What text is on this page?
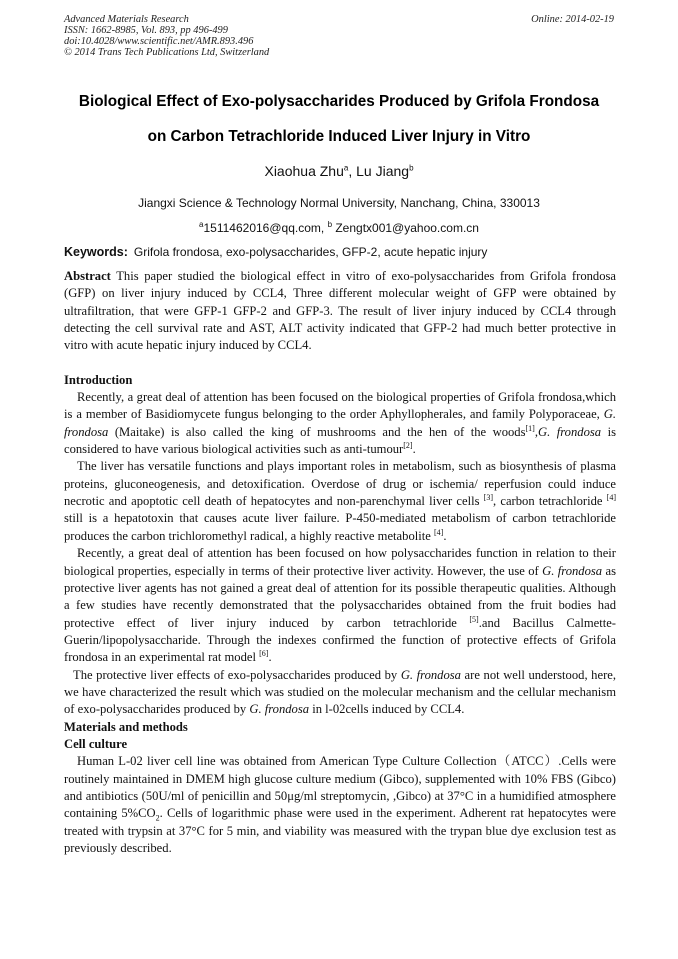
Advanced Materials Research
ISSN: 1662-8985, Vol. 893, pp 496-499
doi:10.4028/www.scientific.net/AMR.893.496
© 2014 Trans Tech Publications Ltd, Switzerland
Online: 2014-02-19
Biological Effect of Exo-polysaccharides Produced by Grifola Frondosa
on Carbon Tetrachloride Induced Liver Injury in Vitro
Xiaohua Zhu$^a$, Lu Jiang$^b$
Jiangxi Science & Technology Normal University, Nanchang, China, 330013
$^a$1511462016@qq.com, $^b$ Zengtx001@yahoo.com.cn
Keywords: Grifola frondosa, exo-polysaccharides, GFP-2, acute hepatic injury

Abstract This paper studied the biological effect in vitro of exo-polysaccharides from Grifola frondosa (GFP) on liver injury induced by CCL4, Three different molecular weight of GFP were obtained by ultrafiltration, that were GFP-1 GFP-2 and GFP-3. The result of liver injury induced by CCL4 through detecting the cell survival rate and AST, ALT activity indicated that GFP-2 had much better protective in vitro with acute hepatic injury induced by CCL4.

Introduction

Recently, a great deal of attention has been focused on the biological properties of Grifola frondosa,which is a member of Basidiomycete fungus belonging to the order Aphyllopherales, and family Polyporaceae, G. frondosa (Maitake) is also called the king of mushrooms and the hen of the woods[1],G. frondosa is considered to have various biological activities such as anti-tumour[2].

The liver has versatile functions and plays important roles in metabolism, such as biosynthesis of plasma proteins, gluconeogenesis, and detoxification. Overdose of drug or ischemia/ reperfusion could induce necrotic and apoptotic cell death of hepatocytes and non-parenchymal liver cells [3], carbon tetrachloride [4] still is a hepatotoxin that causes acute liver failure. P-450-mediated metabolism of carbon tetrachloride produces the carbon trichloromethyl radical, a highly reactive metabolite [4].

Recently, a great deal of attention has been focused on how polysaccharides function in relation to their biological properties, especially in terms of their protective liver activity. However, the use of G. frondosa as protective liver agents has not gained a great deal of attention for its possible therapeutic qualities. Although a few studies have recently demonstrated that the polysaccharides obtained from the fruit bodies had protective effect of liver injury induced by carbon tetrachloride [5].and Bacillus Calmette-Guerin/lipopolysaccharide. Through the indexes confirmed the function of protective effects of Grifola frondosa in an experimental rat model [6].

The protective liver effects of exo-polysaccharides produced by G. frondosa are not well understood, here, we have characterized the result which was studied on the molecular mechanism and the cellular mechanism of exo-polysaccharides produced by G. frondosa in l-02cells induced by CCL4.

Materials and methods

Cell culture

Human L-02 liver cell line was obtained from American Type Culture Collection（ATCC）.Cells were routinely maintained in DMEM high glucose culture medium (Gibco), supplemented with 10% FBS (Gibco) and antibiotics (50U/ml of penicillin and 50μg/ml streptomycin, ,Gibco) at 37°C in a humidified atmosphere containing $5\%CO_2$. Cells of logarithmic phase were used in the experiment. Adherent rat hepatocytes were treated with trypsin at 37°C for 5 min, and viability was measured with the trypan blue dye exclusion test as previously described.
